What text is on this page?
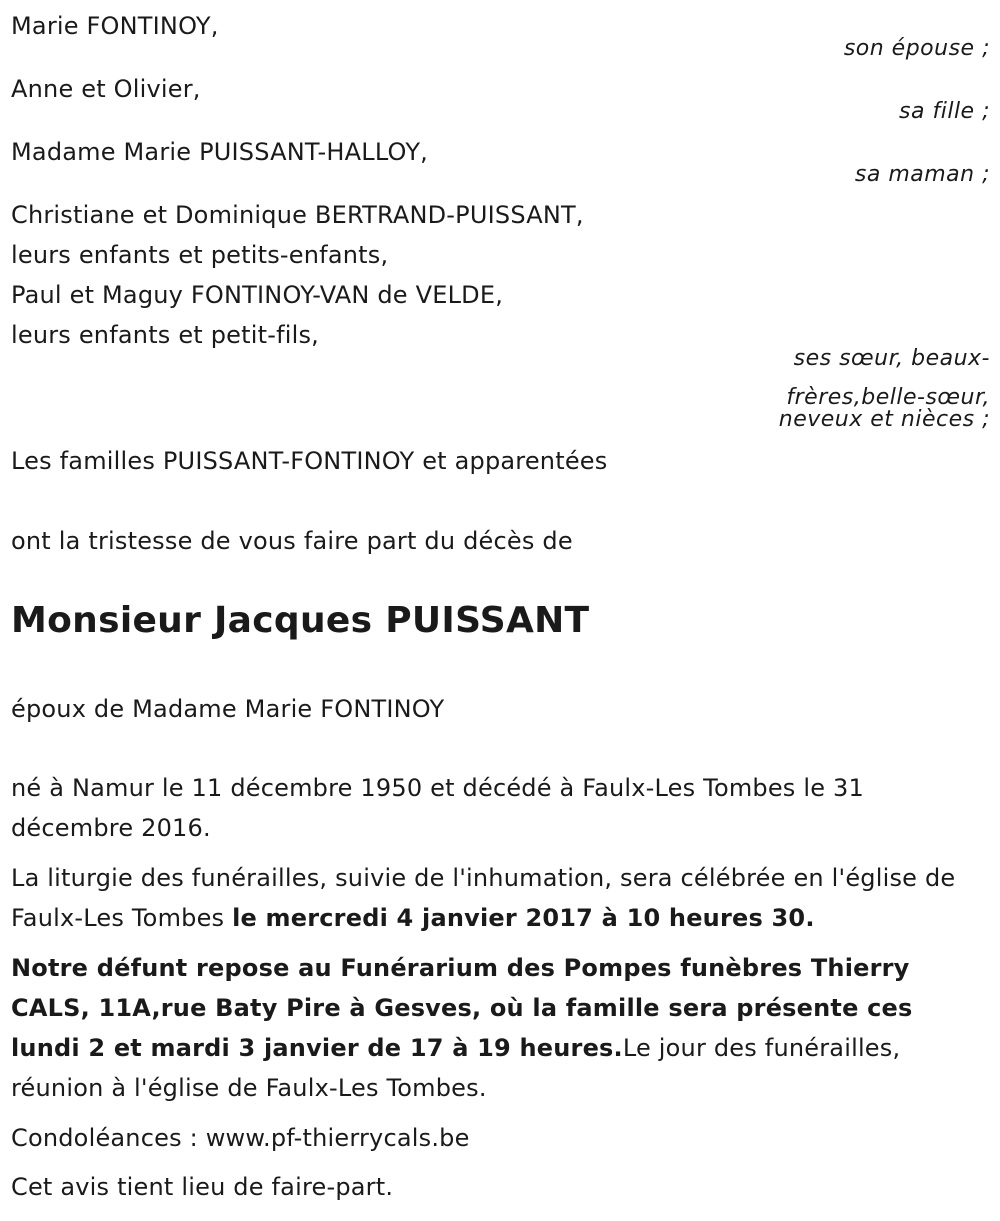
Marie FONTINOY,
son épouse ;
Anne et Olivier,
sa fille ;
Madame Marie PUISSANT-HALLOY,
sa maman ;
Christiane et Dominique BERTRAND-PUISSANT,
leurs enfants et petits-enfants,
Paul et Maguy FONTINOY-VAN de VELDE,
leurs enfants et petit-fils,
ses sœur, beaux-
frères,belle-sœur,
neveux et nièces ;
Les familles PUISSANT-FONTINOY et apparentées
ont la tristesse de vous faire part du décès de
Monsieur Jacques PUISSANT
époux de Madame Marie FONTINOY
né à Namur le 11 décembre 1950 et décédé à Faulx-Les Tombes le 31 décembre 2016.
La liturgie des funérailles, suivie de l'inhumation, sera célébrée en l'église de Faulx-Les Tombes le mercredi 4 janvier 2017 à 10 heures 30.
Notre défunt repose au Funérarium des Pompes funèbres Thierry CALS, 11A,rue Baty Pire à Gesves, où la famille sera présente ces lundi 2 et mardi 3 janvier de 17 à 19 heures.Le jour des funérailles, réunion à l'église de Faulx-Les Tombes.
Condoléances : www.pf-thierrycals.be
Cet avis tient lieu de faire-part.
